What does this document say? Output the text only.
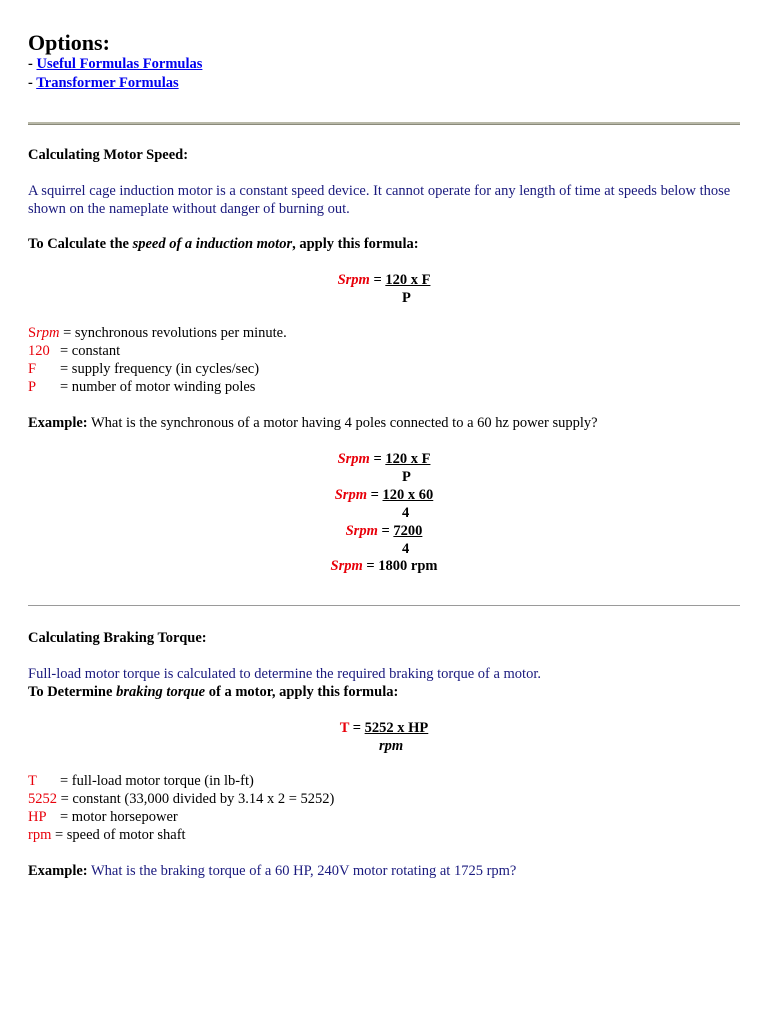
Options:
- Useful Formulas Formulas
- Transformer Formulas
Calculating Motor Speed:
A squirrel cage induction motor is a constant speed device. It cannot operate for any length of time at speeds below those shown on the nameplate without danger of burning out.
To Calculate the speed of a induction motor, apply this formula:
Srpm = 120 x F
P
Srpm = synchronous revolutions per minute.
120 = constant
F = supply frequency (in cycles/sec)
P = number of motor winding poles
Example: What is the synchronous of a motor having 4 poles connected to a 60 hz power supply?
Srpm = 120 x F
P
Srpm = 120 x 60
4
Srpm = 7200
4
Srpm = 1800 rpm
Calculating Braking Torque:
Full-load motor torque is calculated to determine the required braking torque of a motor.
To Determine braking torque of a motor, apply this formula:
T = 5252 x HP
rpm
T = full-load motor torque (in lb-ft)
5252 = constant (33,000 divided by 3.14 x 2 = 5252)
HP = motor horsepower
rpm = speed of motor shaft
Example: What is the braking torque of a 60 HP, 240V motor rotating at 1725 rpm?
